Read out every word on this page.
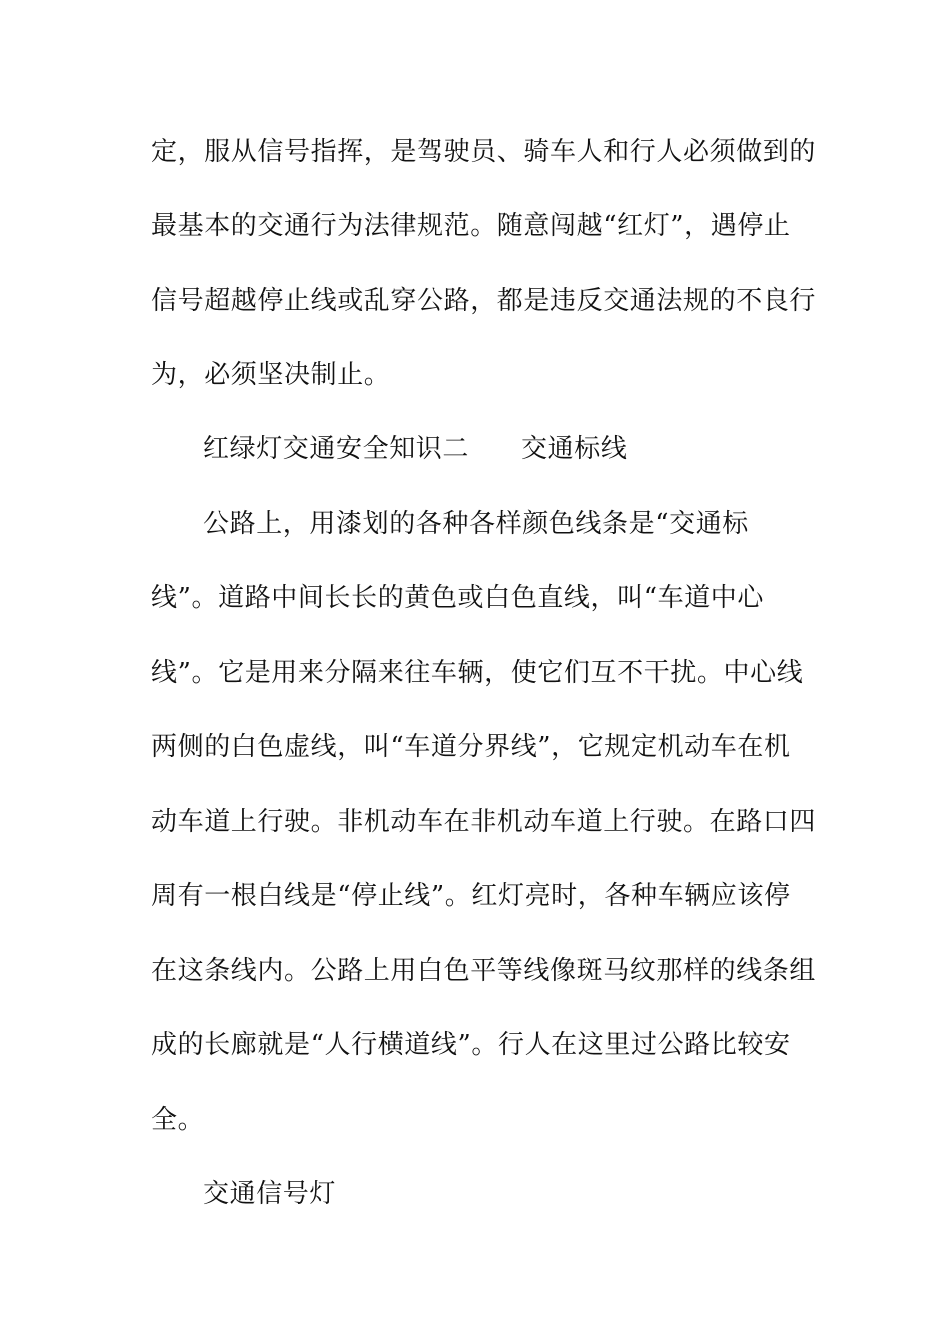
定，服从信号指挥，是驾驶员、骑车人和行人必须做到的
最基本的交通行为法律规范。随意闯越“红灯”，遇停止
信号超越停止线或乱穿公路，都是违反交通法规的不良行
为，必须坚决制止。
红绿灯交通安全知识二 交通标线
公路上，用漆划的各种各样颜色线条是“交通标
线”。道路中间长长的黄色或白色直线，叫“车道中心
线”。它是用来分隔来往车辆，使它们互不干扰。中心线
两侧的白色虚线，叫“车道分界线”，它规定机动车在机
动车道上行驶。非机动车在非机动车道上行驶。在路口四
周有一根白线是“停止线”。红灯亮时，各种车辆应该停
在这条线内。公路上用白色平等线像斑马纹那样的线条组
成的长廊就是“人行横道线”。行人在这里过公路比较安
全。
交通信号灯
